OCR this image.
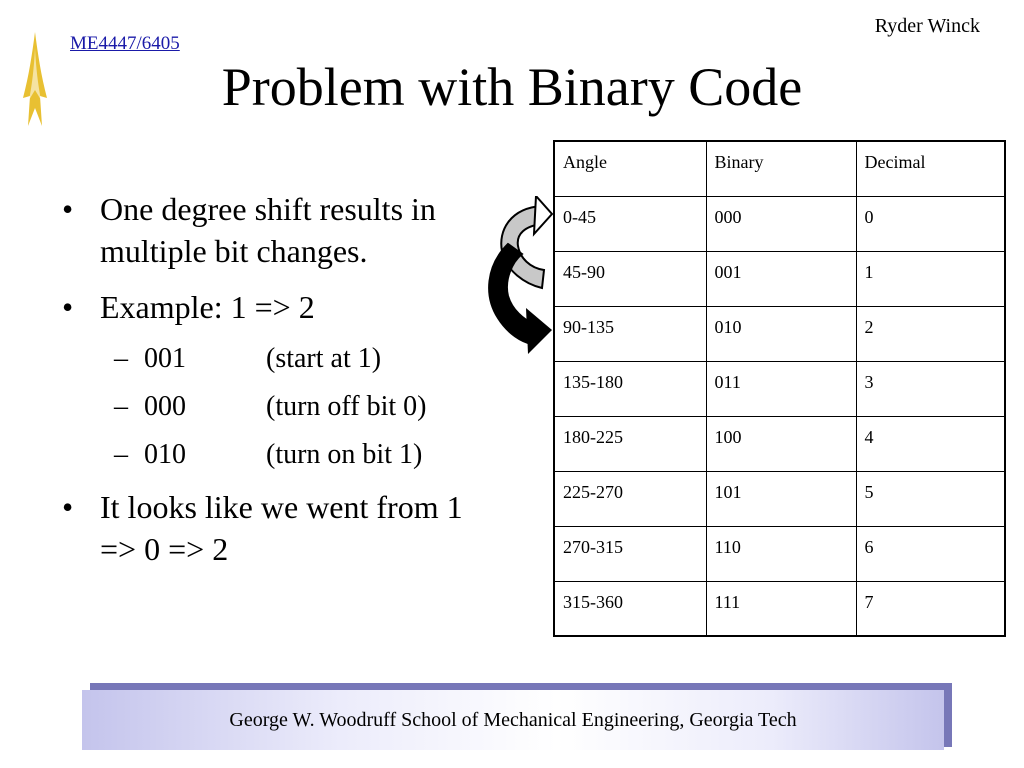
ME4447/6405
Ryder Winck
Problem with Binary Code
• One degree shift results in multiple bit changes.
• Example: 1 => 2
– 001	(start at 1)
– 000	(turn off bit 0)
– 010	(turn on bit 1)
• It looks like we went from 1 => 0 => 2
Angle	Binary	Decimal
0-45	000	0
45-90	001	1
90-135	010	2
135-180	011	3
180-225	100	4
225-270	101	5
270-315	110	6
315-360	111	7
George W. Woodruff School of Mechanical Engineering, Georgia Tech
